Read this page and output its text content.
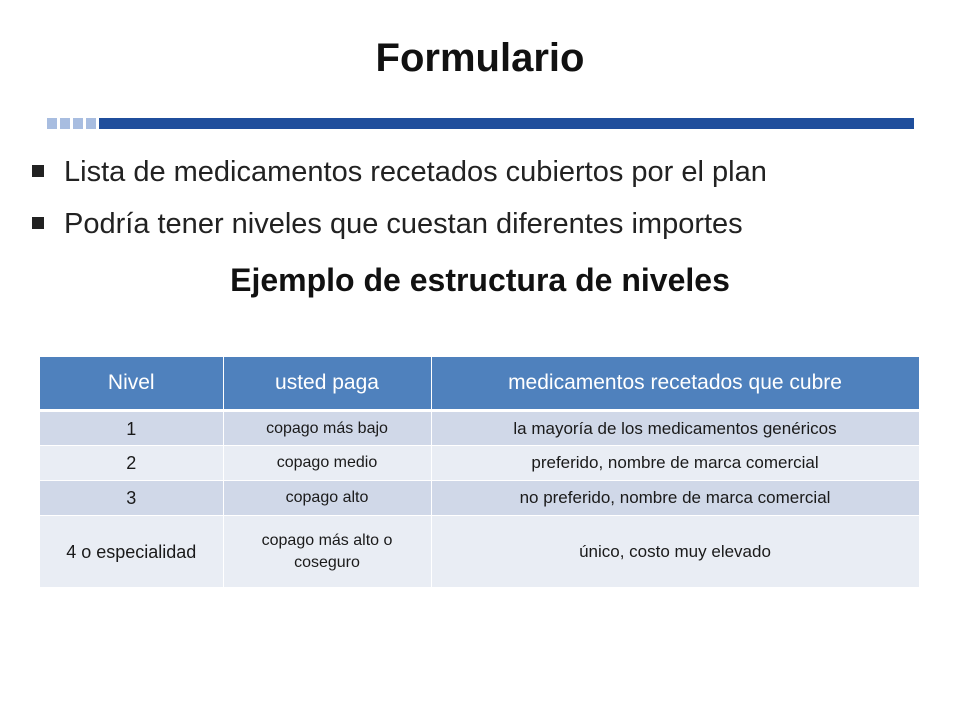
Formulario
Lista de medicamentos recetados cubiertos por el plan
Podría tener niveles que cuestan diferentes importes
Ejemplo de estructura de niveles
Nivel	usted paga	medicamentos recetados que cubre
1	copago más bajo	la mayoría de los medicamentos genéricos
2	copago medio	preferido, nombre de marca comercial
3	copago alto	no preferido, nombre de marca comercial
4 o especialidad	copago más alto o coseguro	único, costo muy elevado
